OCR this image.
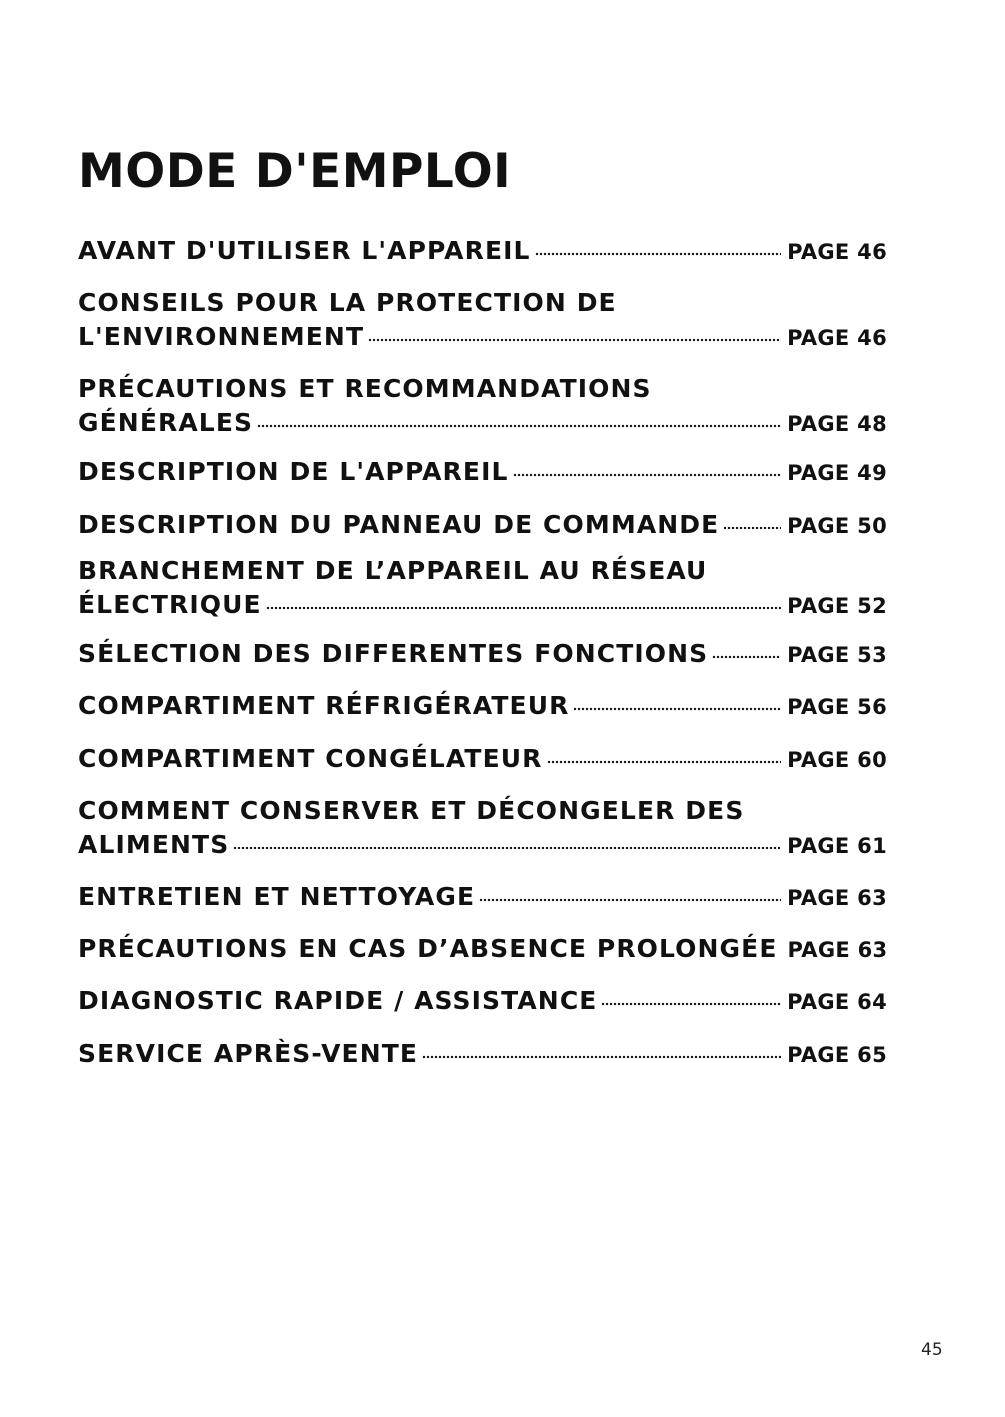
MODE D'EMPLOI
AVANT D'UTILISER L'APPAREIL	PAGE 46
CONSEILS POUR LA PROTECTION DE
L'ENVIRONNEMENT	PAGE 46
PRÉCAUTIONS ET RECOMMANDATIONS
GÉNÉRALES	PAGE 48
DESCRIPTION DE L'APPAREIL	PAGE 49
DESCRIPTION DU PANNEAU DE COMMANDE	PAGE 50
BRANCHEMENT DE L’APPAREIL AU RÉSEAU
ÉLECTRIQUE	PAGE 52
SÉLECTION DES DIFFERENTES FONCTIONS	PAGE 53
COMPARTIMENT RÉFRIGÉRATEUR	PAGE 56
COMPARTIMENT CONGÉLATEUR	PAGE 60
COMMENT CONSERVER ET DÉCONGELER DES
ALIMENTS	PAGE 61
ENTRETIEN ET NETTOYAGE	PAGE 63
PRÉCAUTIONS EN CAS D’ABSENCE PROLONGÉE PAGE 63
DIAGNOSTIC RAPIDE / ASSISTANCE	PAGE 64
SERVICE APRÈS-VENTE	PAGE 65
45
